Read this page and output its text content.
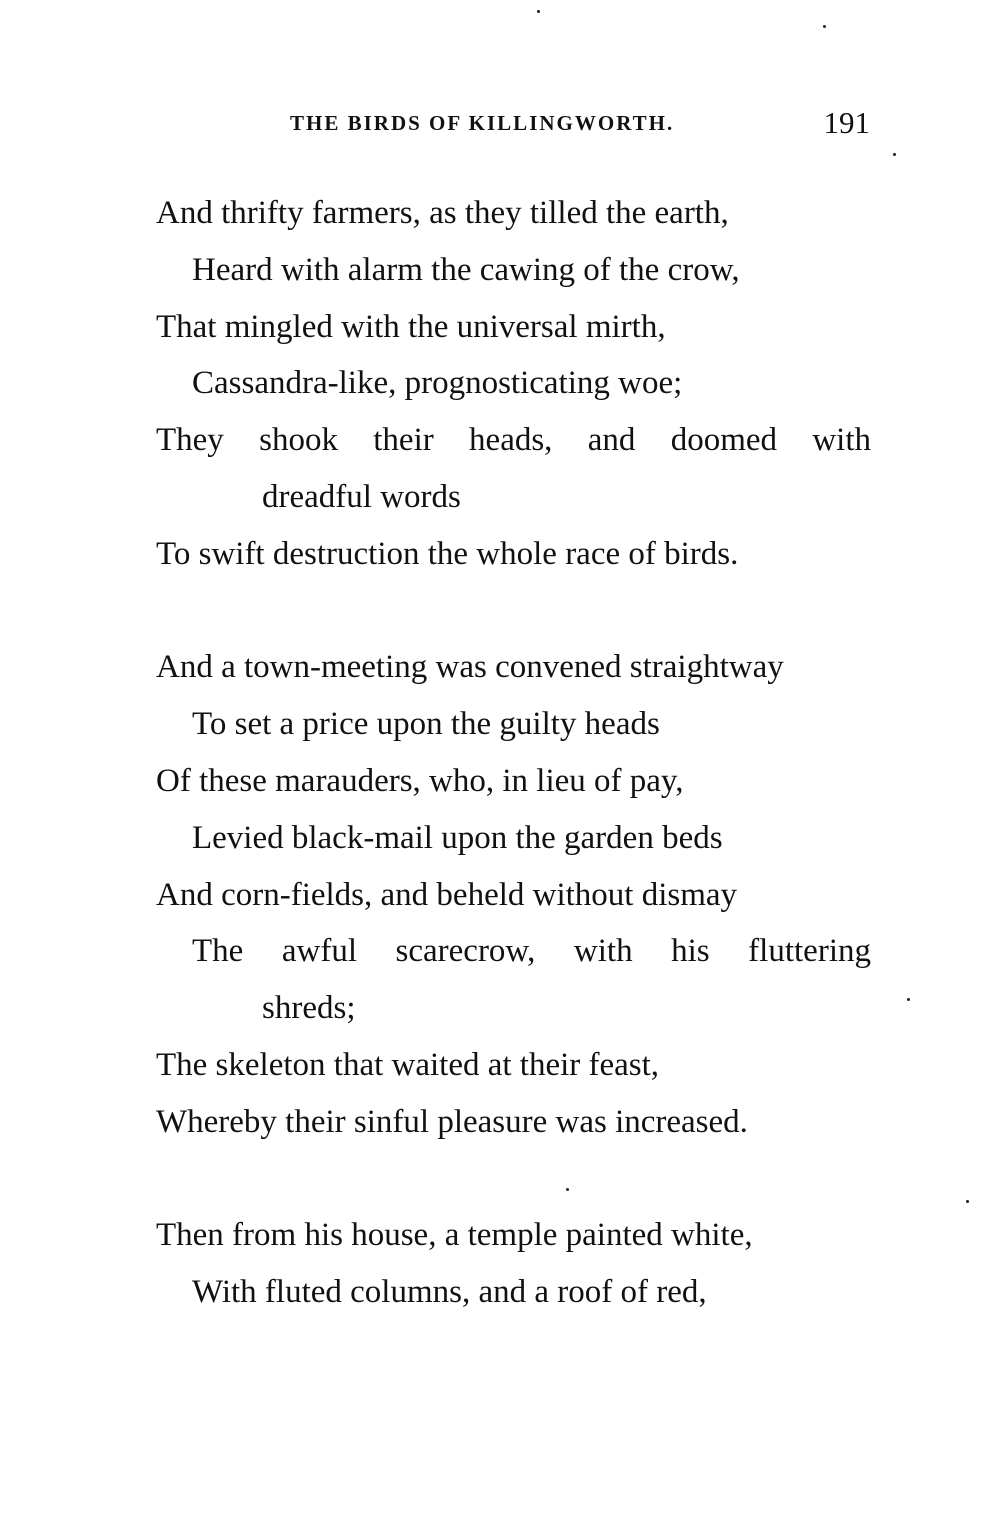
THE BIRDS OF KILLINGWORTH.	191
And thrifty farmers, as they tilled the earth,
Heard with alarm the cawing of the crow,
That mingled with the universal mirth,
Cassandra-like, prognosticating woe;
They shook their heads, and doomed with
dreadful words
To swift destruction the whole race of birds.
And a town-meeting was convened straightway
To set a price upon the guilty heads
Of these marauders, who, in lieu of pay,
Levied black-mail upon the garden beds
And corn-fields, and beheld without dismay
The awful scarecrow, with his fluttering
shreds;
The skeleton that waited at their feast,
Whereby their sinful pleasure was increased.
Then from his house, a temple painted white,
With fluted columns, and a roof of red,
